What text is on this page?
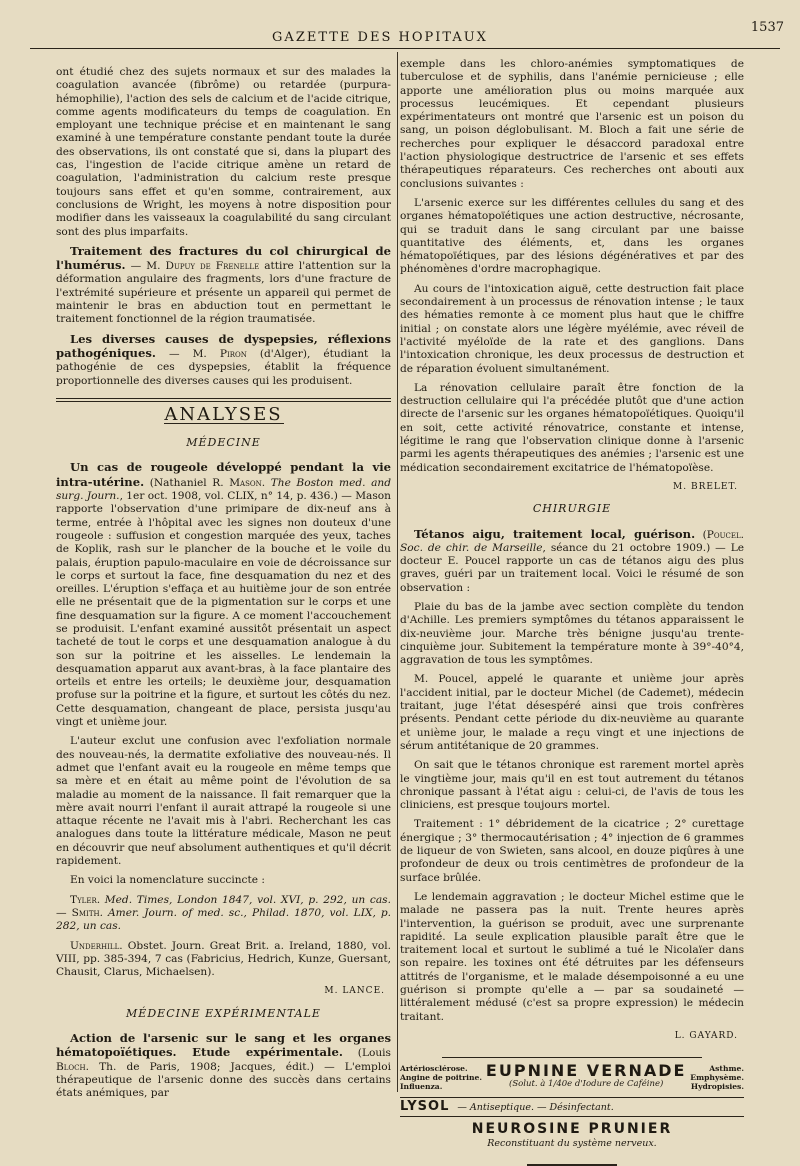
GAZETTE DES HOPITAUX
1537

ont étudié chez des sujets normaux et sur des malades la coagulation avancée (fibrôme) ou retardée (purpura-hémophilie), l'action des sels de calcium et de l'acide citrique, comme agents modificateurs du temps de coagulation. En employant une technique précise et en maintenant le sang examiné à une température constante pendant toute la durée des observations, ils ont constaté que si, dans la plupart des cas, l'ingestion de l'acide citrique amène un retard de coagulation, l'administration du calcium reste presque toujours sans effet et qu'en somme, contrairement, aux conclusions de Wright, les moyens à notre disposition pour modifier dans les vaisseaux la coagulabilité du sang circulant sont des plus imparfaits.

Traitement des fractures du col chirurgical de l'humérus. — M. Dupuy de Frenelle attire l'attention sur la déformation angulaire des fragments, lors d'une fracture de l'extrémité supérieure et présente un appareil qui permet de maintenir le bras en abduction tout en permettant le traitement fonctionnel de la région traumatisée.

Les diverses causes de dyspepsies, réflexions pathogéniques. — M. Piron (d'Alger), étudiant la pathogénie de ces dyspepsies, établit la fréquence proportionnelle des diverses causes qui les produisent.

ANALYSES
MÉDECINE

Un cas de rougeole développé pendant la vie intra-utérine. (Nathaniel R. Mason. The Boston med. and surg. Journ., 1er oct. 1908, vol. CLIX, n° 14, p. 436.) — Mason rapporte l'observation d'une primipare de dix-neuf ans à terme, entrée à l'hôpital avec les signes non douteux d'une rougeole : suffusion et congestion marquée des yeux, taches de Koplik, rash sur le plancher de la bouche et le voile du palais, éruption papulo-maculaire en voie de décroissance sur le corps et surtout la face, fine desquamation du nez et des oreilles. L'éruption s'effaça et au huitième jour de son entrée elle ne présentait que de la pigmentation sur le corps et une fine desquamation sur la figure. A ce moment l'accouchement se produisit. L'enfant examiné aussitôt présentait un aspect tacheté de tout le corps et une desquamation analogue à du son sur la poitrine et les aisselles. Le lendemain la desquamation apparut aux avant-bras, à la face plantaire des orteils et entre les orteils; le deuxième jour, desquamation profuse sur la poitrine et la figure, et surtout les côtés du nez. Cette desquamation, changeant de place, persista jusqu'au vingt et unième jour.

L'auteur exclut une confusion avec l'exfoliation normale des nouveau-nés, la dermatite exfoliative des nouveau-nés. Il admet que l'enfant avait eu la rougeole en même temps que sa mère et en était au même point de l'évolution de sa maladie au moment de la naissance. Il fait remarquer que la mère avait nourri l'enfant il aurait attrapé la rougeole si une attaque récente ne l'avait mis à l'abri. Recherchant les cas analogues dans toute la littérature médicale, Mason ne peut en découvrir que neuf absolument authentiques et qu'il décrit rapidement.

En voici la nomenclature succincte :

Tyler. Med. Times, London 1847, vol. XVI, p. 292, un cas. — Smith. Amer. Journ. of med. sc., Philad. 1870, vol. LIX, p. 282, un cas.

Underhill. Obstet. Journ. Great Brit. a. Ireland, 1880, vol. VIII, pp. 385-394, 7 cas (Fabricius, Hedrich, Kunze, Guersant, Chausit, Clarus, Michaelsen).

M. LANCE.
MÉDECINE EXPÉRIMENTALE

Action de l'arsenic sur le sang et les organes hématopoïétiques. Etude expérimentale. (Louis Bloch. Th. de Paris, 1908; Jacques, édit.) — L'emploi thérapeutique de l'arsenic donne des succès dans certains états anémiques, par

exemple dans les chloro-anémies symptomatiques de tuberculose et de syphilis, dans l'anémie pernicieuse ; elle apporte une amélioration plus ou moins marquée aux processus leucémiques. Et cependant plusieurs expérimentateurs ont montré que l'arsenic est un poison du sang, un poison déglobulisant. M. Bloch a fait une série de recherches pour expliquer le désaccord paradoxal entre l'action physiologique destructrice de l'arsenic et ses effets thérapeutiques réparateurs. Ces recherches ont abouti aux conclusions suivantes :

L'arsenic exerce sur les différentes cellules du sang et des organes hématopoïétiques une action destructive, nécrosante, qui se traduit dans le sang circulant par une baisse quantitative des éléments, et, dans les organes hématopoïétiques, par des lésions dégénératives et par des phénomènes d'ordre macrophagique.

Au cours de l'intoxication aiguë, cette destruction fait place secondairement à un processus de rénovation intense ; le taux des hématies remonte à ce moment plus haut que le chiffre initial ; on constate alors une légère myélémie, avec réveil de l'activité myéloïde de la rate et des ganglions. Dans l'intoxication chronique, les deux processus de destruction et de réparation évoluent simultanément.

La rénovation cellulaire paraît être fonction de la destruction cellulaire qui l'a précédée plutôt que d'une action directe de l'arsenic sur les organes hématopoïétiques. Quoiqu'il en soit, cette activité rénovatrice, constante et intense, légitime le rang que l'observation clinique donne à l'arsenic parmi les agents thérapeutiques des anémies ; l'arsenic est une médication secondairement excitatrice de l'hématopoïèse.

M. BRELET.
CHIRURGIE

Tétanos aigu, traitement local, guérison. (Poucel. Soc. de chir. de Marseille, séance du 21 octobre 1909.) — Le docteur E. Poucel rapporte un cas de tétanos aigu des plus graves, guéri par un traitement local. Voici le résumé de son observation :

Plaie du bas de la jambe avec section complète du tendon d'Achille. Les premiers symptômes du tétanos apparaissent le dix-neuvième jour. Marche très bénigne jusqu'au trente-cinquième jour. Subitement la température monte à 39°-40°4, aggravation de tous les symptômes.

M. Poucel, appelé le quarante et unième jour après l'accident initial, par le docteur Michel (de Cademet), médecin traitant, juge l'état désespéré ainsi que trois confrères présents. Pendant cette période du dix-neuvième au quarante et unième jour, le malade a reçu vingt et une injections de sérum antitétanique de 20 grammes.

On sait que le tétanos chronique est rarement mortel après le vingtième jour, mais qu'il en est tout autrement du tétanos chronique passant à l'état aigu : celui-ci, de l'avis de tous les cliniciens, est presque toujours mortel.

Traitement : 1° débridement de la cicatrice ; 2° curettage énergique ; 3° thermocautérisation ; 4° injection de 6 grammes de liqueur de von Swieten, sans alcool, en douze piqûres à une profondeur de deux ou trois centimètres de profondeur de la surface brûlée.

Le lendemain aggravation ; le docteur Michel estime que le malade ne passera pas la nuit. Trente heures après l'intervention, la guérison se produit, avec une surprenante rapidité. La seule explication plausible paraît être que le traitement local et surtout le sublimé a tué le Nicolaïer dans son repaire. les toxines ont été détruites par les défenseurs attitrés de l'organisme, et le malade désempoisonné a eu une guérison si prompte qu'elle a — par sa soudaineté — littéralement médusé (c'est sa propre expression) le médecin traitant.

L. GAYARD.
Artériosclérose.
Angine de poitrine.
Influenza.
EUPNINE VERNADE
(Solut. à 1/40e d'Iodure de Caféine)
Asthme.
Emphysème.
Hydropisies.
LYSOL — Antiseptique. — Désinfectant.
NEUROSINE PRUNIER
Reconstituant du système nerveux.
